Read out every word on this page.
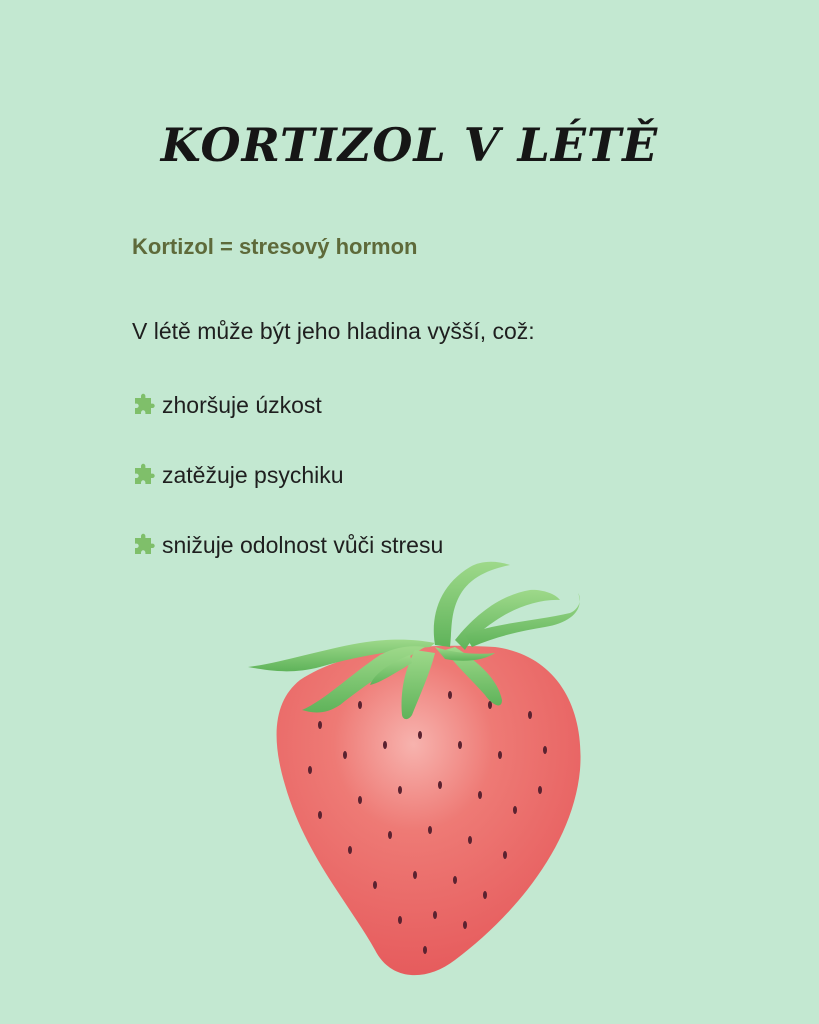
KORTIZOL V LÉTĚ

Kortizol = stresový hormon

V létě může být jeho hladina vyšší, což:

zhoršuje úzkost
zatěžuje psychiku
snižuje odolnost vůči stresu
